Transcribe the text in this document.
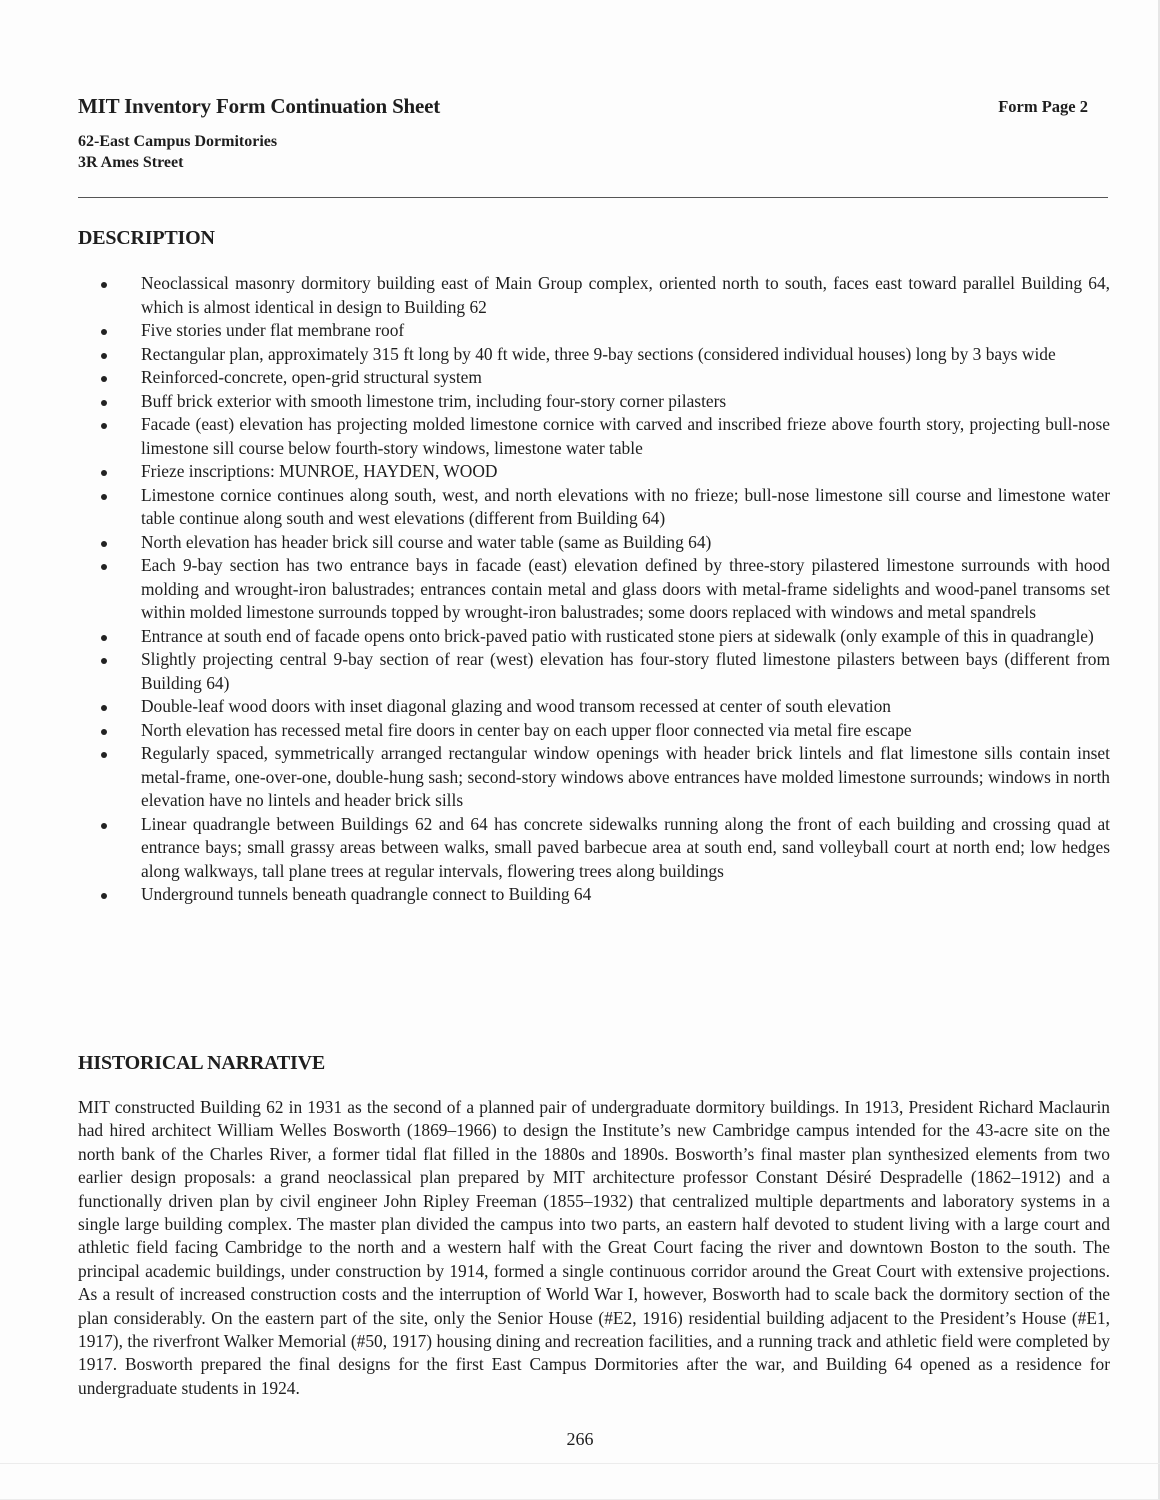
MIT Inventory Form Continuation Sheet	Form Page 2
62-East Campus Dormitories
3R Ames Street
DESCRIPTION
Neoclassical masonry dormitory building east of Main Group complex, oriented north to south, faces east toward parallel Building 64, which is almost identical in design to Building 62
Five stories under flat membrane roof
Rectangular plan, approximately 315 ft long by 40 ft wide, three 9-bay sections (considered individual houses) long by 3 bays wide
Reinforced-concrete, open-grid structural system
Buff brick exterior with smooth limestone trim, including four-story corner pilasters
Facade (east) elevation has projecting molded limestone cornice with carved and inscribed frieze above fourth story, projecting bull-nose limestone sill course below fourth-story windows, limestone water table
Frieze inscriptions: MUNROE, HAYDEN, WOOD
Limestone cornice continues along south, west, and north elevations with no frieze; bull-nose limestone sill course and limestone water table continue along south and west elevations (different from Building 64)
North elevation has header brick sill course and water table (same as Building 64)
Each 9-bay section has two entrance bays in facade (east) elevation defined by three-story pilastered limestone surrounds with hood molding and wrought-iron balustrades; entrances contain metal and glass doors with metal-frame sidelights and wood-panel transoms set within molded limestone surrounds topped by wrought-iron balustrades; some doors replaced with windows and metal spandrels
Entrance at south end of facade opens onto brick-paved patio with rusticated stone piers at sidewalk (only example of this in quadrangle)
Slightly projecting central 9-bay section of rear (west) elevation has four-story fluted limestone pilasters between bays (different from Building 64)
Double-leaf wood doors with inset diagonal glazing and wood transom recessed at center of south elevation
North elevation has recessed metal fire doors in center bay on each upper floor connected via metal fire escape
Regularly spaced, symmetrically arranged rectangular window openings with header brick lintels and flat limestone sills contain inset metal-frame, one-over-one, double-hung sash; second-story windows above entrances have molded limestone surrounds; windows in north elevation have no lintels and header brick sills
Linear quadrangle between Buildings 62 and 64 has concrete sidewalks running along the front of each building and crossing quad at entrance bays; small grassy areas between walks, small paved barbecue area at south end, sand volleyball court at north end; low hedges along walkways, tall plane trees at regular intervals, flowering trees along buildings
Underground tunnels beneath quadrangle connect to Building 64
HISTORICAL NARRATIVE

MIT constructed Building 62 in 1931 as the second of a planned pair of undergraduate dormitory buildings. In 1913, President Richard Maclaurin had hired architect William Welles Bosworth (1869–1966) to design the Institute’s new Cambridge campus intended for the 43-acre site on the north bank of the Charles River, a former tidal flat filled in the 1880s and 1890s. Bosworth’s final master plan synthesized elements from two earlier design proposals: a grand neoclassical plan prepared by MIT architecture professor Constant Désiré Despradelle (1862–1912) and a functionally driven plan by civil engineer John Ripley Freeman (1855–1932) that centralized multiple departments and laboratory systems in a single large building complex. The master plan divided the campus into two parts, an eastern half devoted to student living with a large court and athletic field facing Cambridge to the north and a western half with the Great Court facing the river and downtown Boston to the south. The principal academic buildings, under construction by 1914, formed a single continuous corridor around the Great Court with extensive projections. As a result of increased construction costs and the interruption of World War I, however, Bosworth had to scale back the dormitory section of the plan considerably. On the eastern part of the site, only the Senior House (#E2, 1916) residential building adjacent to the President’s House (#E1, 1917), the riverfront Walker Memorial (#50, 1917) housing dining and recreation facilities, and a running track and athletic field were completed by 1917. Bosworth prepared the final designs for the first East Campus Dormitories after the war, and Building 64 opened as a residence for undergraduate students in 1924.

266
